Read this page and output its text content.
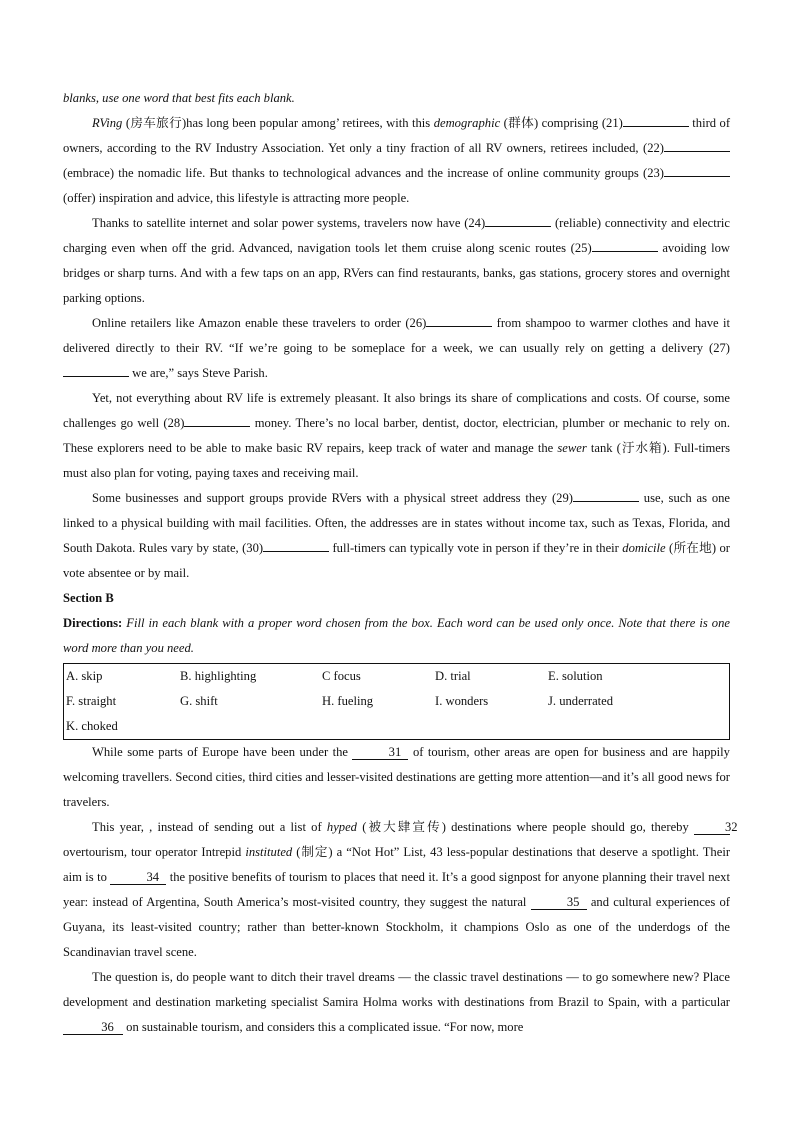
blanks, use one word that best fits each blank.

RVing (房车旅行)has long been popular among’ retirees, with this demographic (群体) comprising (21)	third of owners, according to the RV Industry Association. Yet only a tiny fraction of all RV owners, retirees included, (22) (embrace) the nomadic life. But thanks to technological advances and the increase of online community groups (23) (offer) inspiration and advice, this lifestyle is attracting more people.

Thanks to satellite internet and solar power systems, travelers now have (24)	(reliable) connectivity and electric charging even when off the grid. Advanced, navigation tools let them cruise along scenic routes (25)	avoiding low bridges or sharp turns. And with a few taps on an app, RVers can find restaurants, banks, gas stations, grocery stores and overnight parking options.

Online retailers like Amazon enable these travelers to order (26)	from shampoo to warmer clothes and have it delivered directly to their RV. “If we’re going to be someplace for a week, we can usually rely on getting a delivery (27) we are,” says Steve Parish.

Yet, not everything about RV life is extremely pleasant. It also brings its share of complications and costs. Of course, some challenges go well (28)	money. There’s no local barber, dentist, doctor, electrician, plumber or mechanic to rely on. These explorers need to be able to make basic RV repairs, keep track of water and manage the sewer tank (汙水箱). Full-timers must also plan for voting, paying taxes and receiving mail.

Some businesses and support groups provide RVers with a physical street address they (29)	use, such as one linked to a physical building with mail facilities. Often, the addresses are in states without income tax, such as Texas, Florida, and South Dakota. Rules vary by state, (30)	full-timers can typically vote in person if they’re in their domicile (所在地) or vote absentee or by mail.

Section B

Directions: Fill in each blank with a proper word chosen from the box. Each word can be used only once. Note that there is one word more than you need.

A. skip	B. highlighting	C focus	D. trial	E. solution
F. straight	G. shift	H. fueling	I. wonders	J. underrated
K. choked

While some parts of Europe have been under the	31 of tourism, other areas are open for business and are happily welcoming travellers. Second cities, third cities and lesser-visited destinations are getting more attention—and it’s all good news for travelers.

This year, , instead of sending out a list of hyped (被大肆宣传) destinations where people should go, thereby	32 overtourism, tour operator Intrepid instituted (制定) a “Not Hot” List, 43 less-popular destinations that deserve a spotlight. Their aim is to	34 the positive benefits of tourism to places that need it. It’s a good signpost for anyone planning their travel next year: instead of Argentina, South America’s most-visited country, they suggest the natural	35 and cultural experiences of Guyana, its least-visited country; rather than better-known Stockholm, it champions Oslo as one of the underdogs of the Scandinavian travel scene.

The question is, do people want to ditch their travel dreams — the classic travel destinations — to go somewhere new? Place development and destination marketing specialist Samira Holma works with destinations from Brazil to Spain, with a particular 36 on sustainable tourism, and considers this a complicated issue. “For now, more
